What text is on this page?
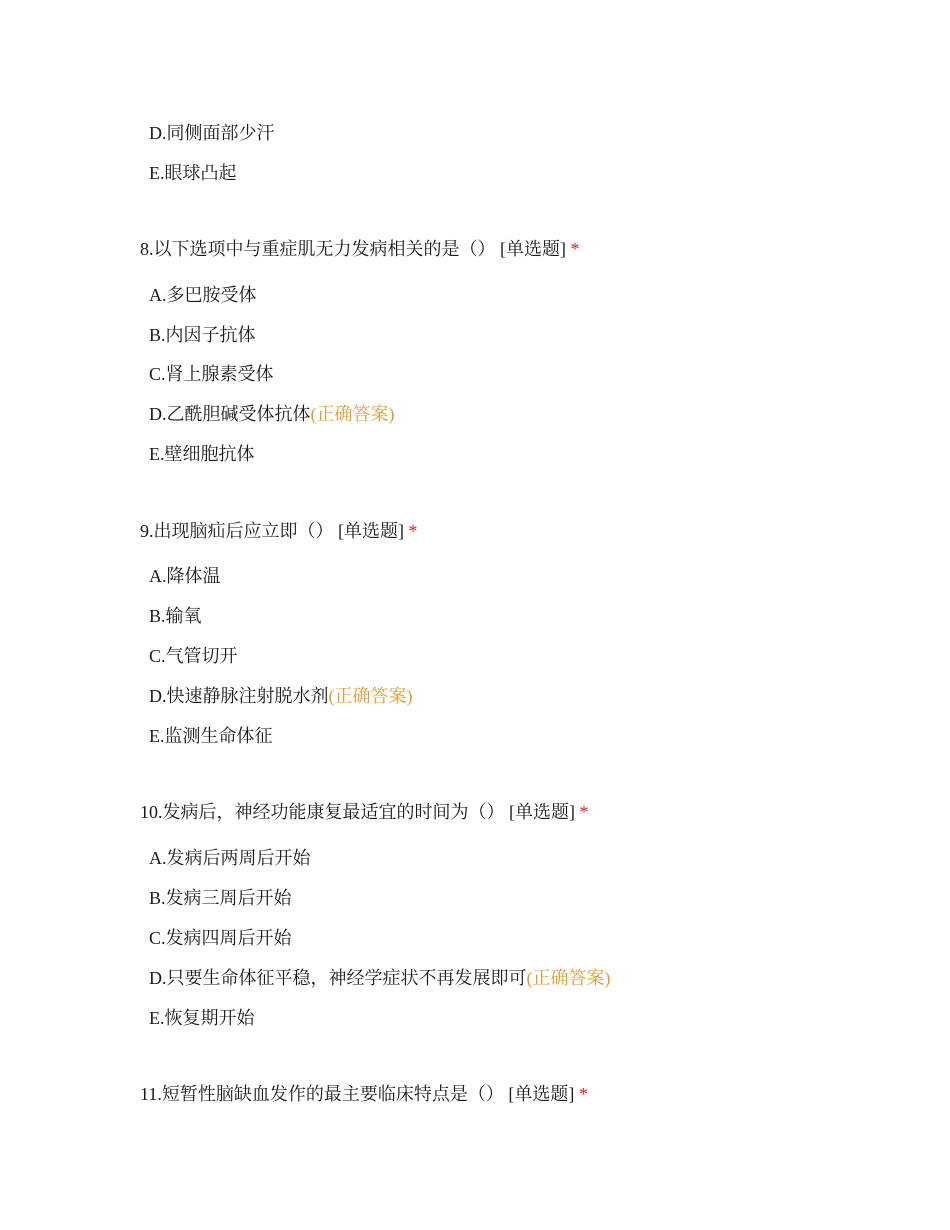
D.同侧面部少汗
E.眼球凸起
8.以下选项中与重症肌无力发病相关的是（） [单选题] *
A.多巴胺受体
B.内因子抗体
C.肾上腺素受体
D.乙酰胆碱受体抗体(正确答案)
E.壁细胞抗体
9.出现脑疝后应立即（） [单选题] *
A.降体温
B.输氧
C.气管切开
D.快速静脉注射脱水剂(正确答案)
E.监测生命体征
10.发病后，神经功能康复最适宜的时间为（） [单选题] *
A.发病后两周后开始
B.发病三周后开始
C.发病四周后开始
D.只要生命体征平稳，神经学症状不再发展即可(正确答案)
E.恢复期开始
11.短暂性脑缺血发作的最主要临床特点是（） [单选题] *
